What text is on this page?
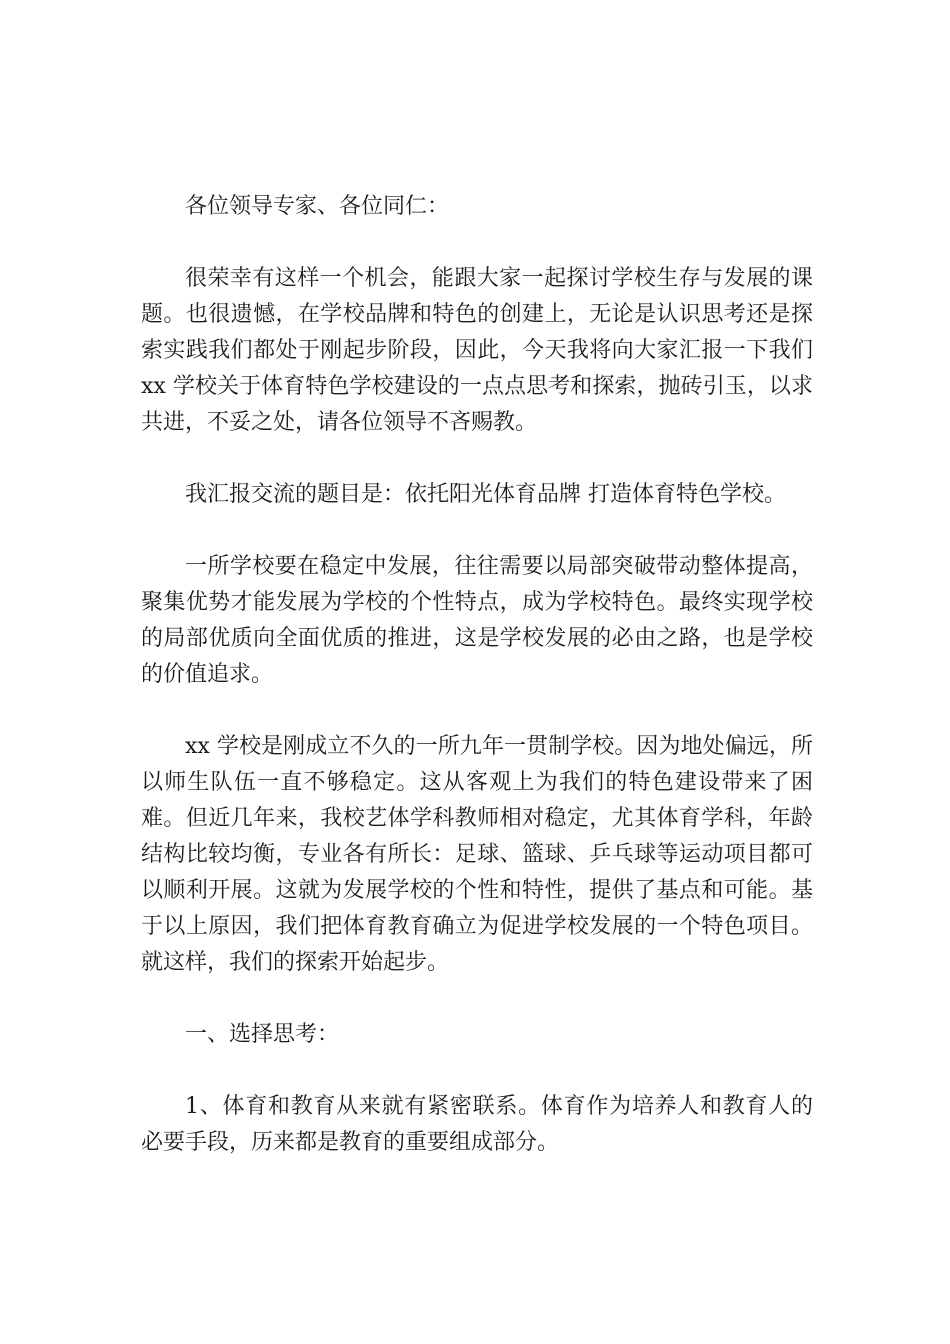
各位领导专家、各位同仁：

很荣幸有这样一个机会，能跟大家一起探讨学校生存与发展的课题。也很遗憾，在学校品牌和特色的创建上，无论是认识思考还是探索实践我们都处于刚起步阶段，因此，今天我将向大家汇报一下我们 xx 学校关于体育特色学校建设的一点点思考和探索，抛砖引玉，以求共进，不妥之处，请各位领导不吝赐教。

我汇报交流的题目是：依托阳光体育品牌 打造体育特色学校。

一所学校要在稳定中发展，往往需要以局部突破带动整体提高，聚集优势才能发展为学校的个性特点，成为学校特色。最终实现学校的局部优质向全面优质的推进，这是学校发展的必由之路，也是学校的价值追求。

xx 学校是刚成立不久的一所九年一贯制学校。因为地处偏远，所以师生队伍一直不够稳定。这从客观上为我们的特色建设带来了困难。但近几年来，我校艺体学科教师相对稳定，尤其体育学科，年龄结构比较均衡，专业各有所长：足球、篮球、乒乓球等运动项目都可以顺利开展。这就为发展学校的个性和特性，提供了基点和可能。基于以上原因，我们把体育教育确立为促进学校发展的一个特色项目。就这样，我们的探索开始起步。

一、选择思考：

1、体育和教育从来就有紧密联系。体育作为培养人和教育人的必要手段，历来都是教育的重要组成部分。
